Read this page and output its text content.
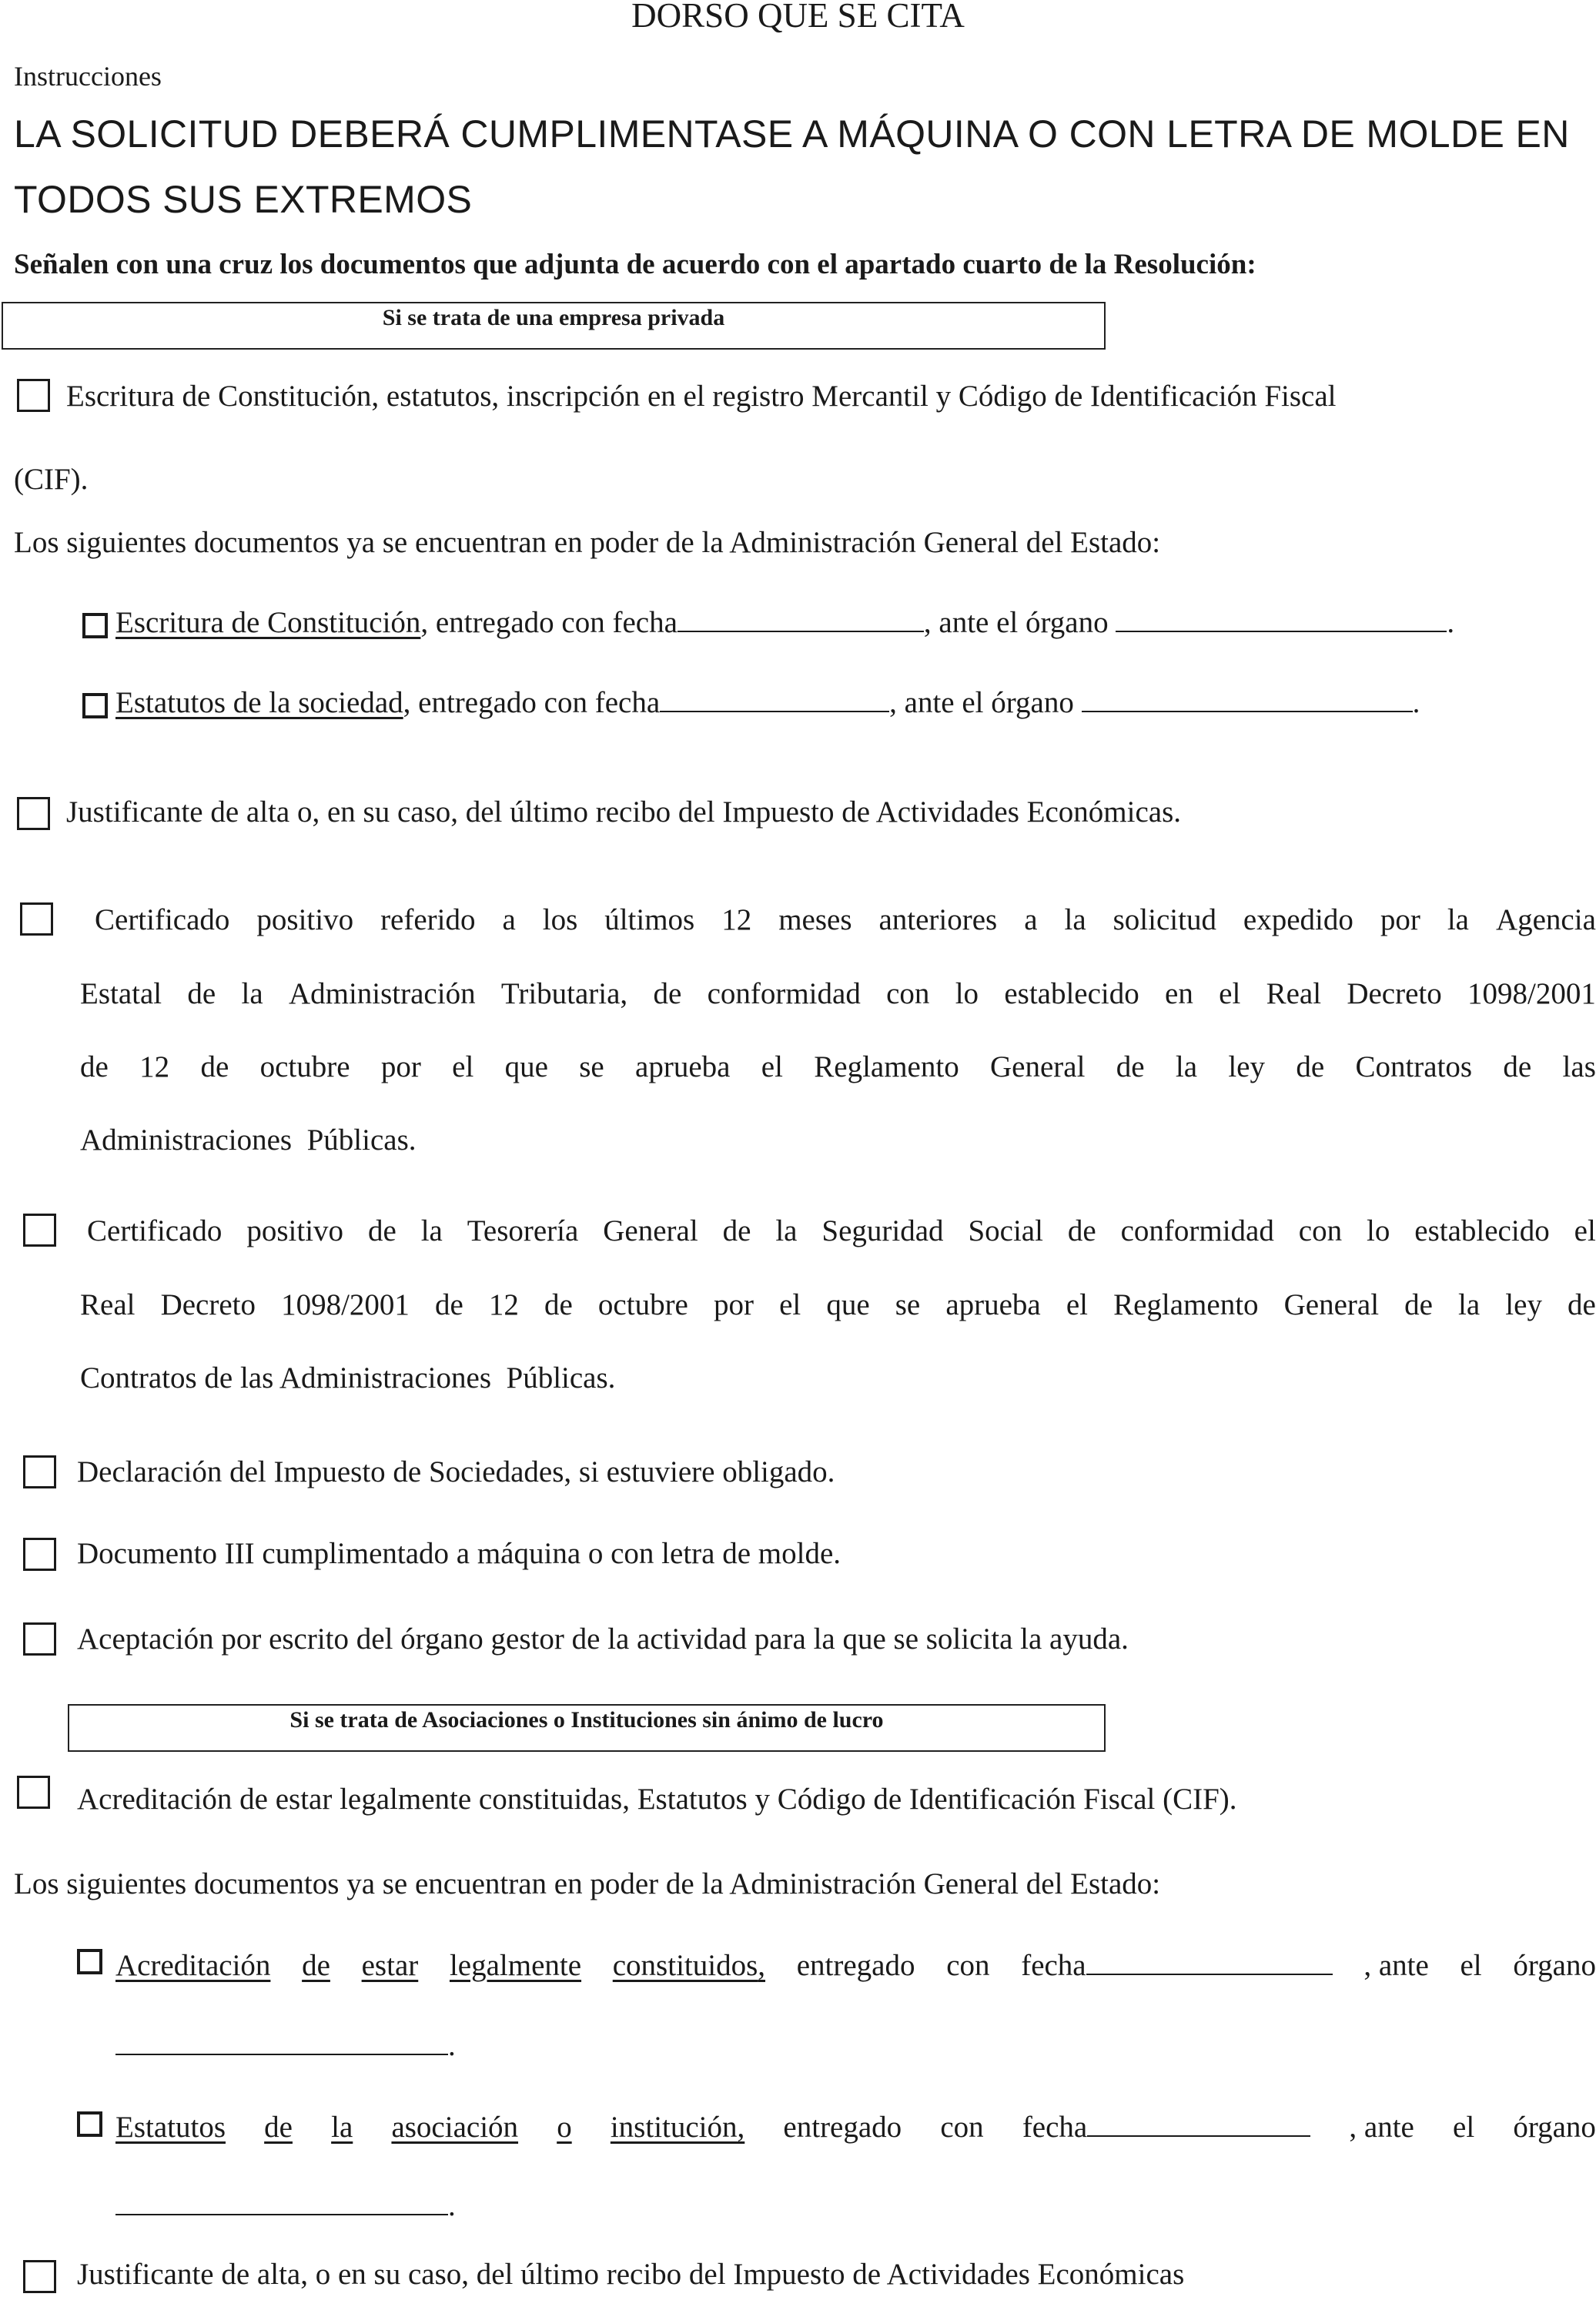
DORSO QUE SE CITA
Instrucciones
LA SOLICITUD DEBERÁ CUMPLIMENTASE A MÁQUINA O CON LETRA DE MOLDE EN
TODOS SUS EXTREMOS
Señalen con una cruz los documentos que adjunta de acuerdo con el apartado cuarto de la Resolución:
Si se trata de una empresa privada
Escritura de Constitución, estatutos, inscripción en el registro Mercantil y Código de Identificación Fiscal
(CIF).
Los siguientes documentos ya se encuentran en poder de la Administración General del Estado:
Escritura de Constitución, entregado con fecha	, ante el órgano	.
Estatutos de la sociedad, entregado con fecha	, ante el órgano	.
Justificante de alta o, en su caso, del último recibo del Impuesto de Actividades Económicas.
Certificado positivo referido a los últimos 12 meses anteriores a la solicitud expedido por la Agencia
Estatal de la Administración Tributaria, de conformidad con lo establecido en el Real Decreto 1098/2001
de 12 de octubre por el que se aprueba el Reglamento General de la ley de Contratos de las
Administraciones  Públicas.
Certificado positivo de la Tesorería General de la Seguridad Social de conformidad con lo establecido el
Real Decreto 1098/2001 de 12 de octubre por el que se aprueba el Reglamento General de la ley de
Contratos de las Administraciones  Públicas.
Declaración del Impuesto de Sociedades, si estuviere obligado.
Documento III cumplimentado a máquina o con letra de molde.
Aceptación por escrito del órgano gestor de la actividad para la que se solicita la ayuda.
Si se trata de Asociaciones o Instituciones sin ánimo de lucro
Acreditación de estar legalmente constituidas, Estatutos y Código de Identificación Fiscal (CIF).
Los siguientes documentos ya se encuentran en poder de la Administración General del Estado:
Acreditación de estar legalmente constituidos, entregado con fecha	, ante el órgano
.
Estatutos de la asociación o institución, entregado con fecha	, ante el órgano
.
Justificante de alta, o en su caso, del último recibo del Impuesto de Actividades Económicas
